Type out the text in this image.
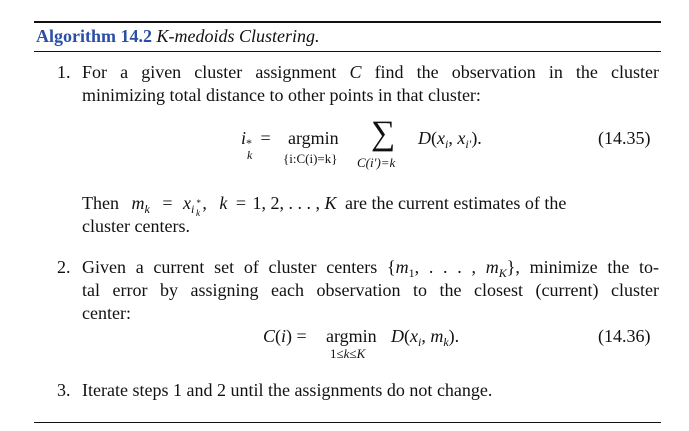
Algorithm 14.2 K-medoids Clustering.
1. For a given cluster assignment C find the observation in the cluster
minimizing total distance to other points in that cluster:
i *
k
= argmin
{i:C(i)=k}
∑
C(i′)=k
$D(x_i$, $x_{i'}$).	(14.35)
Then $m_k$ = xi *
k , k = 1, 2, . . . , K are the current estimates of the
cluster centers.
2. Given a current set of cluster centers {$m_1$, . . . , $m_K$}, minimize the to-
tal error by assigning each observation to the closest (current) cluster
center:
C(i) = argmin
1≤k≤K
$D(x_i$, $m_k$).	(14.36)
3. Iterate steps 1 and 2 until the assignments do not change.
